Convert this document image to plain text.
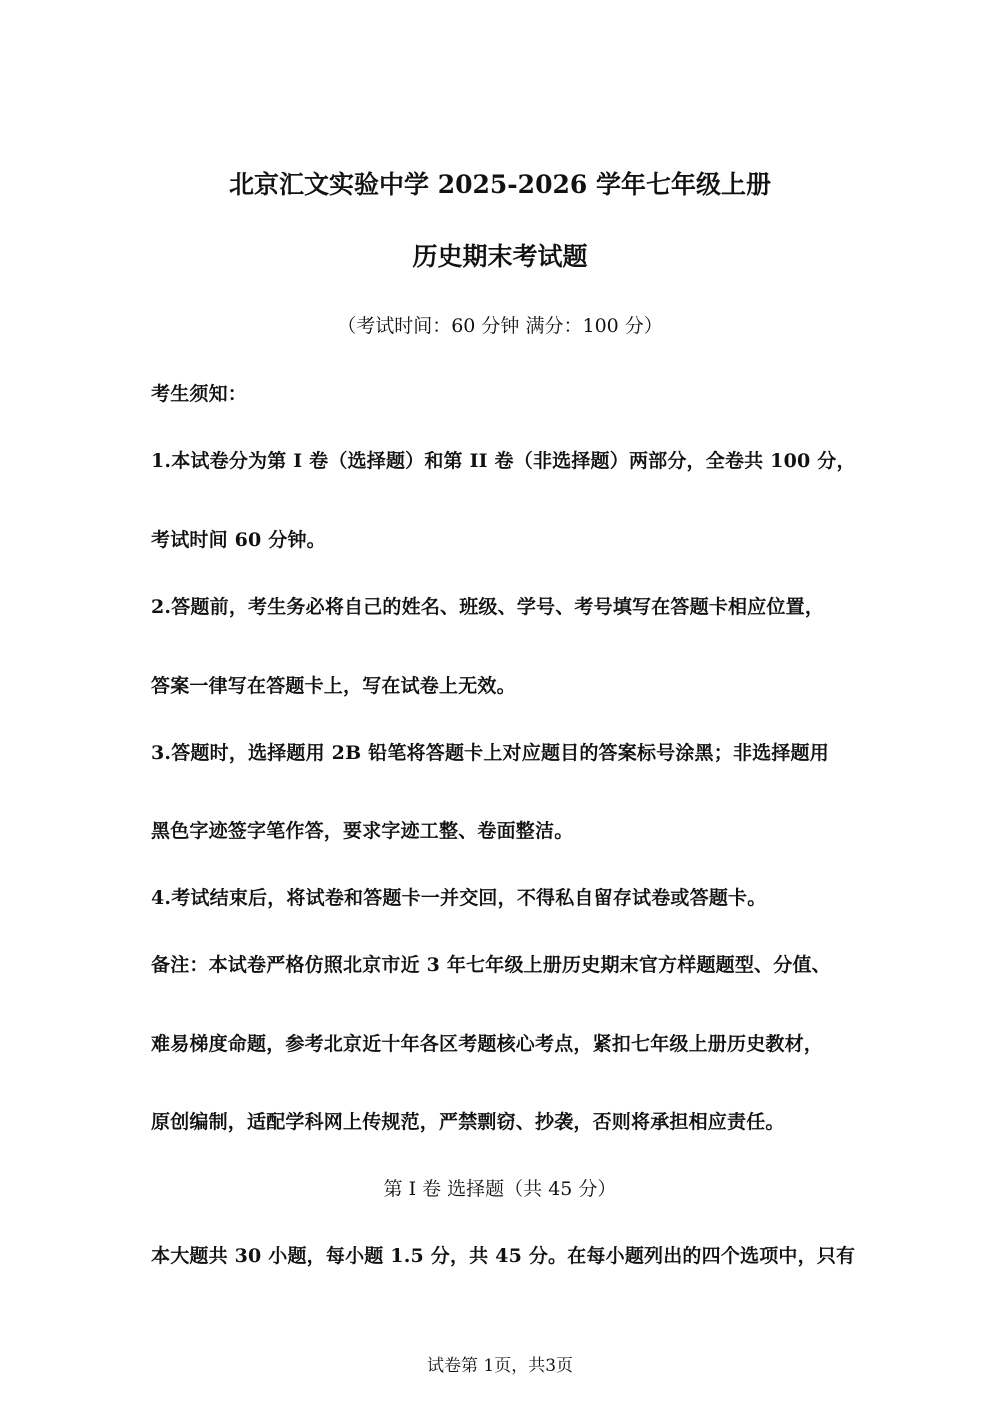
北京汇文实验中学 2025-2026 学年七年级上册
历史期末考试题
（考试时间：60 分钟 满分：100 分）
考生须知：
1.本试卷分为第 I 卷（选择题）和第 II 卷（非选择题）两部分，全卷共 100 分，
考试时间 60 分钟。
2.答题前，考生务必将自己的姓名、班级、学号、考号填写在答题卡相应位置，
答案一律写在答题卡上，写在试卷上无效。
3.答题时，选择题用 2B 铅笔将答题卡上对应题目的答案标号涂黑；非选择题用
黑色字迹签字笔作答，要求字迹工整、卷面整洁。
4.考试结束后，将试卷和答题卡一并交回，不得私自留存试卷或答题卡。
备注：本试卷严格仿照北京市近 3 年七年级上册历史期末官方样题题型、分值、
难易梯度命题，参考北京近十年各区考题核心考点，紧扣七年级上册历史教材，
原创编制，适配学科网上传规范，严禁剽窃、抄袭，否则将承担相应责任。
第 I 卷 选择题（共 45 分）
本大题共 30 小题，每小题 1.5 分，共 45 分。在每小题列出的四个选项中，只有
试卷第 1页，共3页
